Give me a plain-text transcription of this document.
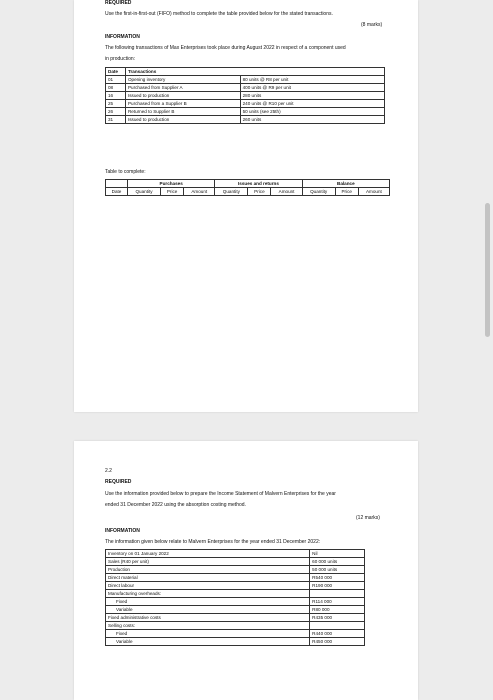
REQUIRED
Use the first-in-first-out (FIFO) method to complete the table provided below for the stated transactions.
(8 marks)
INFORMATION
The following transactions of Max Enterprises took place during August 2022 in respect of a component used
in production:
Date	Transactions	
01	Opening inventory	80 units @ R8 per unit
08	Purchased from Supplier A	400 units @ R9 per unit
16	Issued to production	280 units
25	Purchased from a Supplier B	240 units @ R10 per unit
26	Returned to Supplier B	50 units (see 25th)
31	Issued to production	260 units
Table to complete:
	Purchases			Issues and returns			Balance		
Date	Quantity	Price	Amount	Quantity	Price	Amount	Quantity	Price	Amount
2.2
REQUIRED
Use the information provided below to prepare the Income Statement of Malvern Enterprises for the year
ended 31 December 2022 using the absorption costing method.
(12 marks)
INFORMATION
The information given below relate to Malvern Enterprises for the year ended 31 December 2022:
Inventory on 01 January 2022	Nil
Sales (R40 per unit)	60 000 units
Production	50 000 units
Direct material	R540 000
Direct labour	R190 000
Manufacturing overheads:	
Fixed	R114 000
Variable	R80 000
Fixed administrative costs	R435 000
Selling costs:	
Fixed	R440 000
Variable	R450 000
